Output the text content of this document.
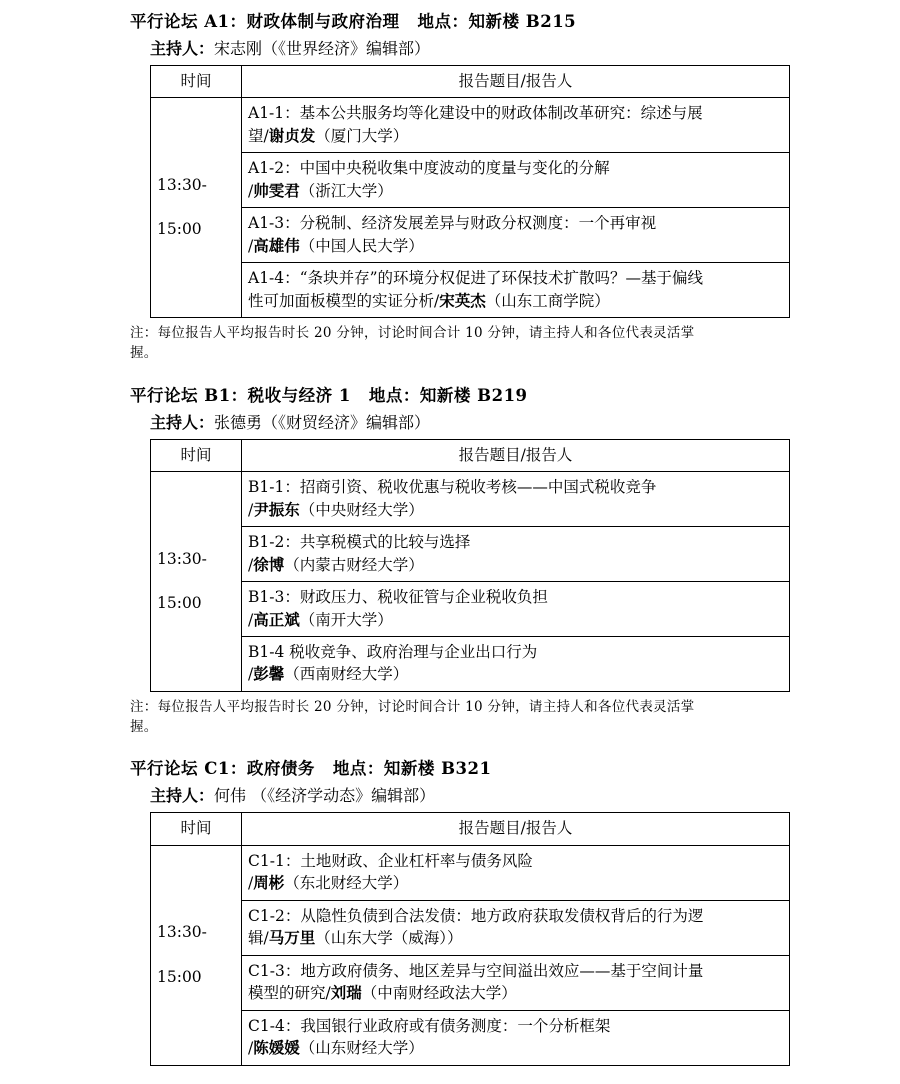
平行论坛 A1：财政体制与政府治理 地点：知新楼 B215
主持人：宋志刚（《世界经济》编辑部）
时间	报告题目/报告人

13:30-
15:00	A1-1：基本公共服务均等化建设中的财政体制改革研究：综述与展
望/谢贞发（厦门大学）

	A1-2：中国中央税收集中度波动的度量与变化的分解
/帅雯君（浙江大学）

	A1-3：分税制、经济发展差异与财政分权测度：一个再审视
/高雄伟（中国人民大学）

	A1-4：“条块并存”的环境分权促进了环保技术扩散吗？—基于偏线
性可加面板模型的实证分析/宋英杰（山东工商学院）
注：每位报告人平均报告时长 20 分钟，讨论时间合计 10 分钟，请主持人和各位代表灵活掌
握。
平行论坛 B1：税收与经济 1 地点：知新楼 B219
主持人：张德勇（《财贸经济》编辑部）
时间	报告题目/报告人

13:30-
15:00	B1-1：招商引资、税收优惠与税收考核——中国式税收竞争
/尹振东（中央财经大学）

	B1-2：共享税模式的比较与选择
/徐博（内蒙古财经大学）

	B1-3：财政压力、税收征管与企业税收负担
/高正斌（南开大学）

	B1-4 税收竞争、政府治理与企业出口行为
/彭馨（西南财经大学）
注：每位报告人平均报告时长 20 分钟，讨论时间合计 10 分钟，请主持人和各位代表灵活掌
握。
平行论坛 C1：政府债务 地点：知新楼 B321
主持人：何伟 （《经济学动态》编辑部）
时间	报告题目/报告人

13:30-
15:00	C1-1：土地财政、企业杠杆率与债务风险
/周彬（东北财经大学）

	C1-2：从隐性负债到合法发债：地方政府获取发债权背后的行为逻
辑/马万里（山东大学（威海））

	C1-3：地方政府债务、地区差异与空间溢出效应——基于空间计量
模型的研究/刘瑞（中南财经政法大学）

	C1-4：我国银行业政府或有债务测度：一个分析框架
/陈媛媛（山东财经大学）
